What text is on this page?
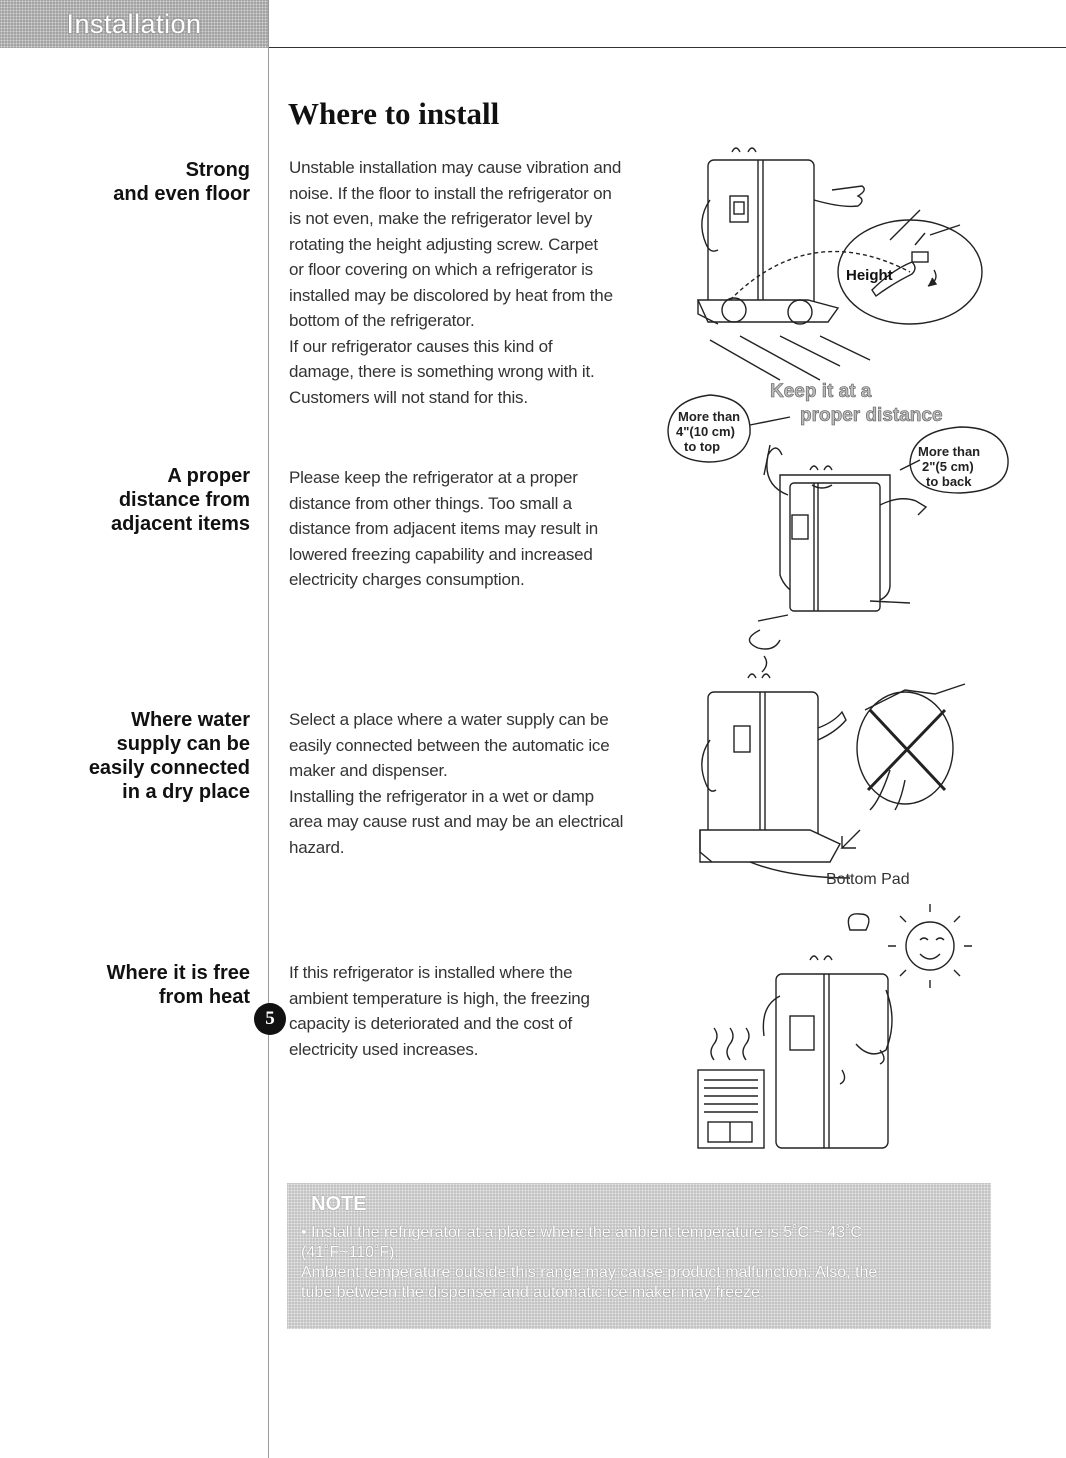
Installation
Where to install
Strong
and even floor
Unstable installation may cause vibration and
noise. If the floor to install the refrigerator on
is not even, make the refrigerator level by
rotating the height adjusting screw. Carpet
or floor covering on which a refrigerator is
installed may be discolored by heat from the
bottom of the refrigerator.
If our refrigerator causes this kind of
damage, there is something wrong with it.
Customers will not stand for this.
Height
A proper
distance from
adjacent items
Please keep the refrigerator at a proper
distance from other things. Too small a
distance from adjacent items may result in
lowered freezing capability and increased
electricity charges consumption.
Keep it at a
proper distance
More than
4"(10 cm)
to top	More than
2"(5 cm)
to back
Where water
supply can be
easily connected
in a dry place
Select a place where a water supply can be
easily connected between the automatic ice
maker and dispenser.
Installing the refrigerator in a wet or damp
area may cause rust and may be an electrical
hazard.
Bottom Pad
Where it is free
from heat
If this refrigerator is installed where the
ambient temperature is high, the freezing
capacity is deteriorated and the cost of
electricity used increases.
NOTE
• Install the refrigerator at a place where the ambient temperature is 5˚C ~ 43˚C
(41˚F~110˚F).
Ambient temperature outside this range may cause product malfunction. Also, the
tube between the dispenser and automatic ice maker may freeze.
5
